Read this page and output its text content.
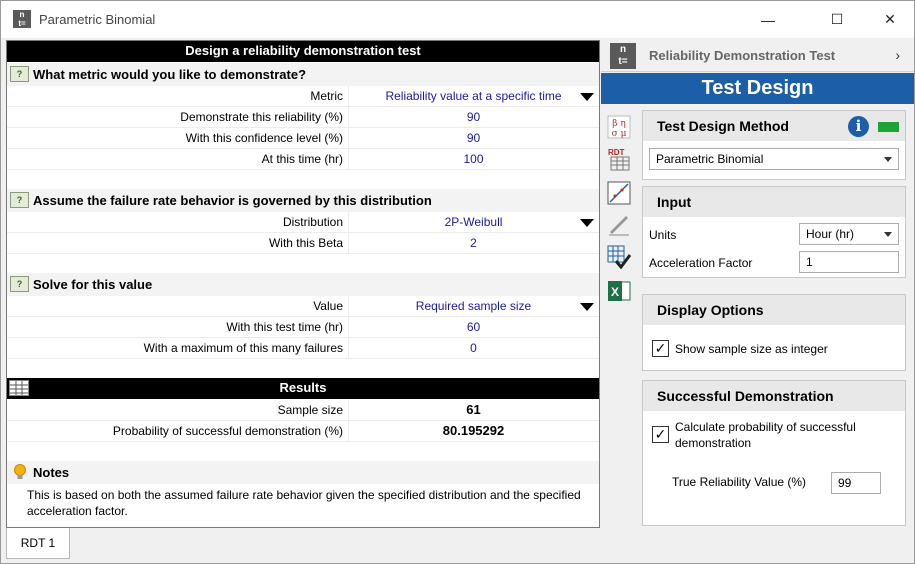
n
t=	Parametric Binomial	—	☐	✕
Design a reliability demonstration test
? What metric would you like to demonstrate?
Metric	Reliability value at a specific time
Demonstrate this reliability (%)	90
With this confidence level (%)	90
At this time (hr)	100
? Assume the failure rate behavior is governed by this distribution
Distribution	2P-Weibull
With this Beta	2
? Solve for this value
Value	Required sample size
With this test time (hr)	60
With a maximum of this many failures	0
Results
Sample size	61
Probability of successful demonstration (%)	80.195292
Notes
This is based on both the assumed failure rate behavior given the specified distribution and the specified acceleration factor.
RDT 1
n
t=	Reliability Demonstration Test	›
Test Design
β η
σ μ
RDT
X
Test Design Method	i
Parametric Binomial
Input
Units	Hour (hr)
Acceleration Factor	1
Display Options
✓ Show sample size as integer
Successful Demonstration
✓ Calculate probability of successful
demonstration
True Reliability Value (%)	99
